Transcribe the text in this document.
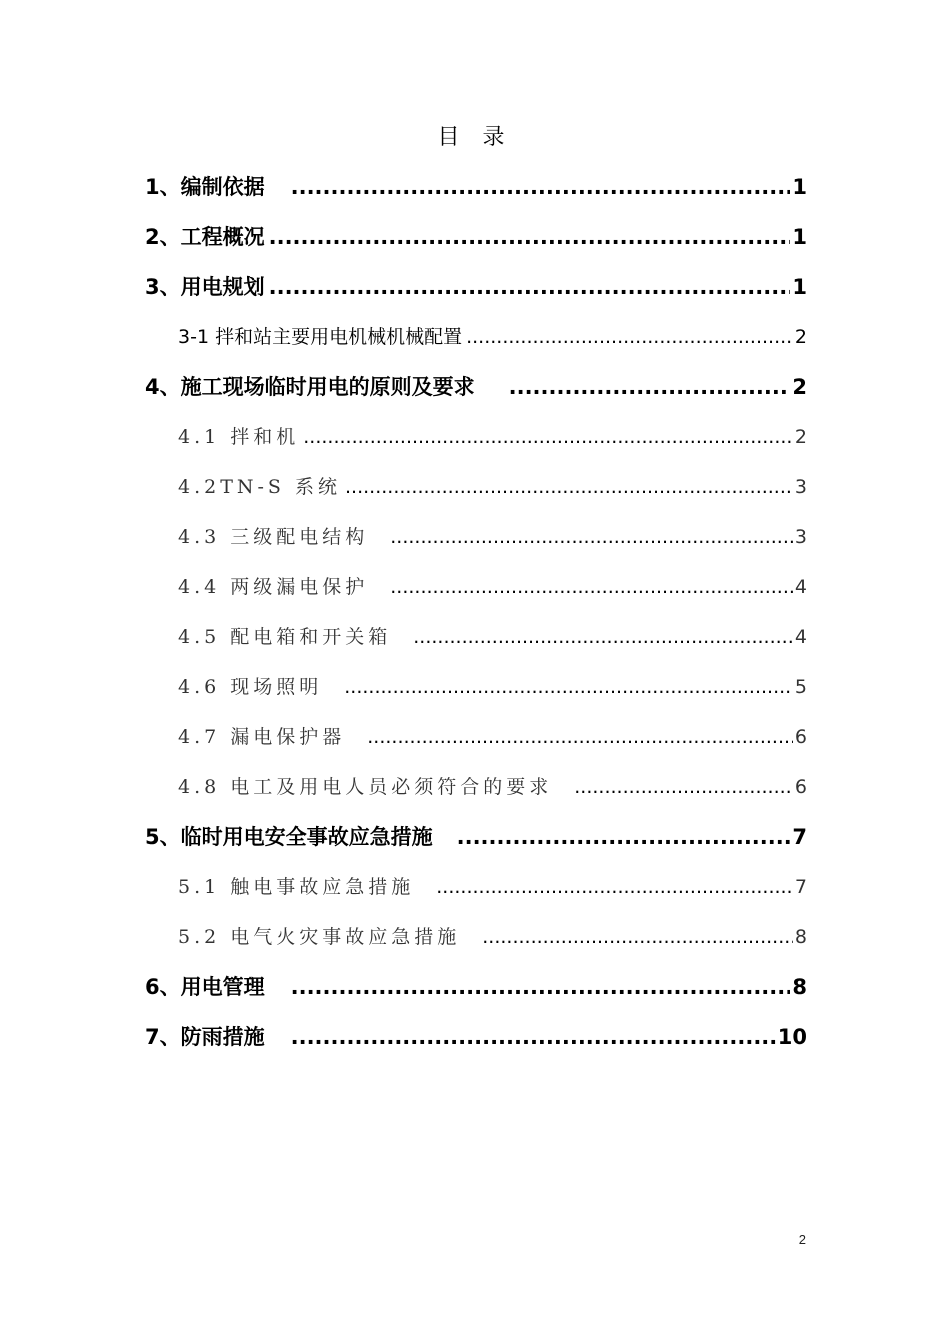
目 录
1、编制依据 .....	1
2、工程概况 .....	1
3、用电规划 .....	1
3-1 拌和站主要用电机械机械配置 .....	2
4、施工现场临时用电的原则及要求 .....	2
4.1 拌和机 .....	2
4.2TN-S 系统 .....	3
4.3 三级配电结构 .....	3
4.4 两级漏电保护 .....	4
4.5 配电箱和开关箱 .....	4
4.6 现场照明 .....	5
4.7 漏电保护器 .....	6
4.8 电工及用电人员必须符合的要求 .....	6
5、临时用电安全事故应急措施 .....	7
5.1 触电事故应急措施 .....	7
5.2 电气火灾事故应急措施 .....	8
6、用电管理 .....	8
7、防雨措施 .....	10
2
